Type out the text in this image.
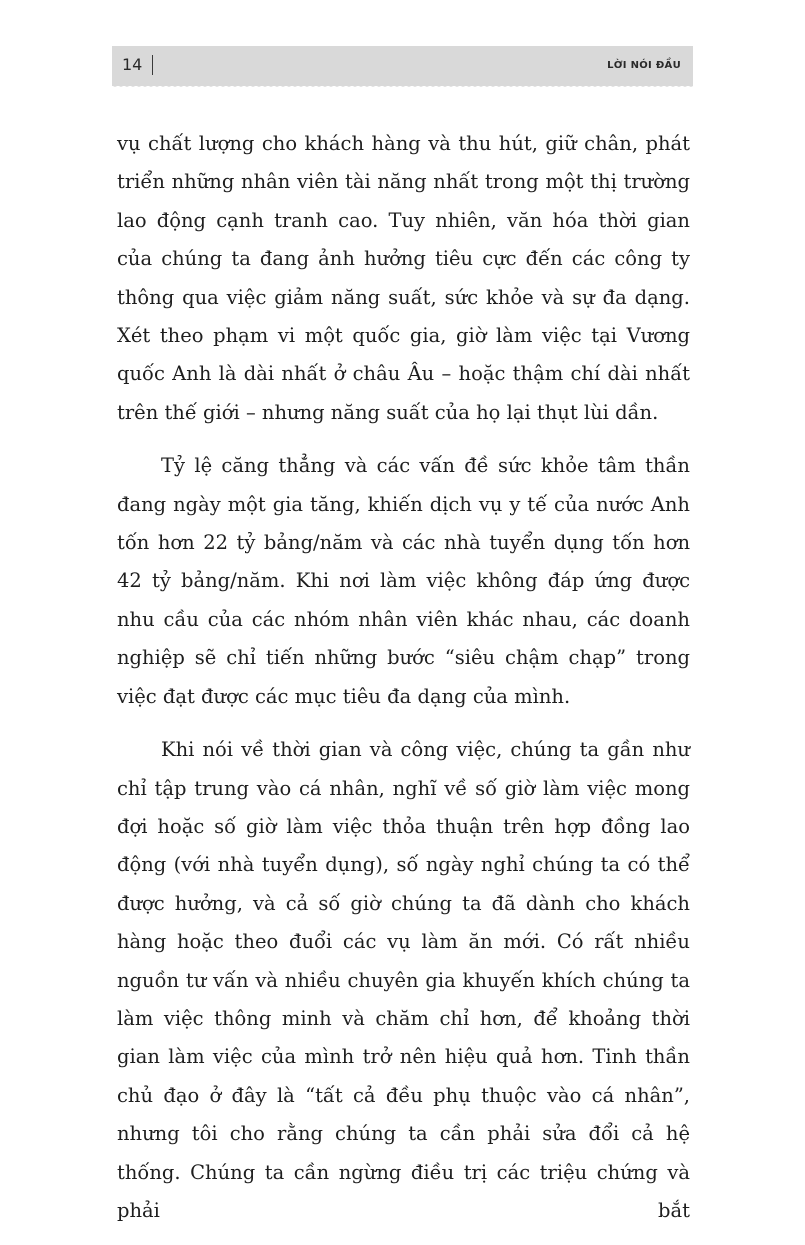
14	LỜI NÓI ĐẦU

vụ chất lượng cho khách hàng và thu hút, giữ chân, phát triển những nhân viên tài năng nhất trong một thị trường lao động cạnh tranh cao. Tuy nhiên, văn hóa thời gian của chúng ta đang ảnh hưởng tiêu cực đến các công ty thông qua việc giảm năng suất, sức khỏe và sự đa dạng. Xét theo phạm vi một quốc gia, giờ làm việc tại Vương quốc Anh là dài nhất ở châu Âu – hoặc thậm chí dài nhất trên thế giới – nhưng năng suất của họ lại thụt lùi dần.

Tỷ lệ căng thẳng và các vấn đề sức khỏe tâm thần đang ngày một gia tăng, khiến dịch vụ y tế của nước Anh tốn hơn 22 tỷ bảng/năm và các nhà tuyển dụng tốn hơn 42 tỷ bảng/năm. Khi nơi làm việc không đáp ứng được nhu cầu của các nhóm nhân viên khác nhau, các doanh nghiệp sẽ chỉ tiến những bước “siêu chậm chạp” trong việc đạt được các mục tiêu đa dạng của mình.

Khi nói về thời gian và công việc, chúng ta gần như chỉ tập trung vào cá nhân, nghĩ về số giờ làm việc mong đợi hoặc số giờ làm việc thỏa thuận trên hợp đồng lao động (với nhà tuyển dụng), số ngày nghỉ chúng ta có thể được hưởng, và cả số giờ chúng ta đã dành cho khách hàng hoặc theo đuổi các vụ làm ăn mới. Có rất nhiều nguồn tư vấn và nhiều chuyên gia khuyến khích chúng ta làm việc thông minh và chăm chỉ hơn, để khoảng thời gian làm việc của mình trở nên hiệu quả hơn. Tinh thần chủ đạo ở đây là “tất cả đều phụ thuộc vào cá nhân”, nhưng tôi cho rằng chúng ta cần phải sửa đổi cả hệ thống. Chúng ta cần ngừng điều trị các triệu chứng và phải bắt
